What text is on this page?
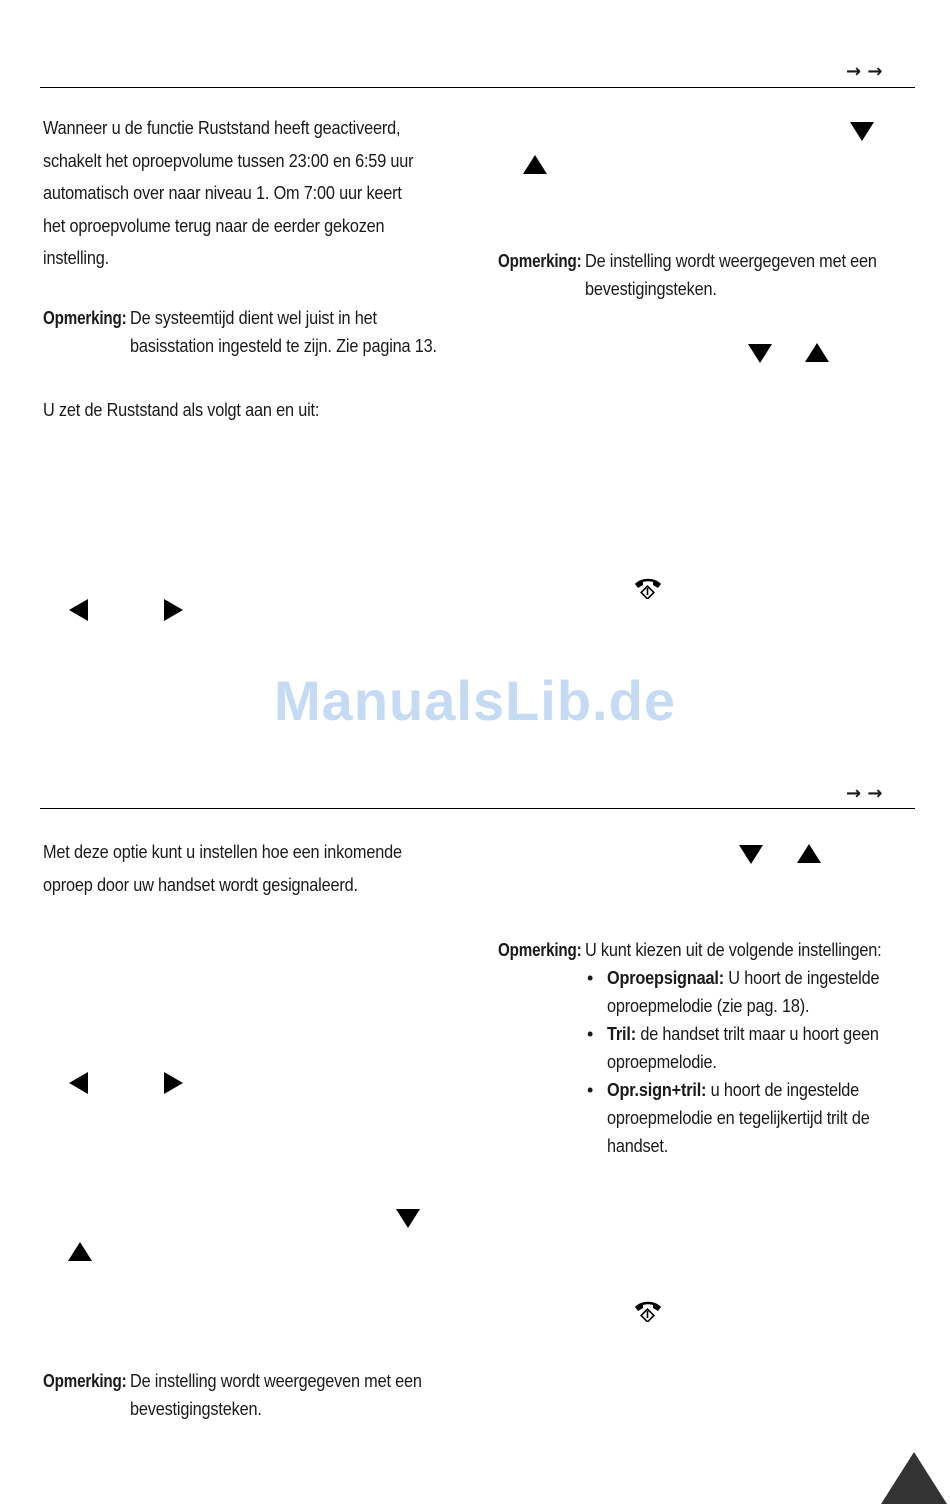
→ →
Wanneer u de functie Ruststand heeft geactiveerd,
schakelt het oproepvolume tussen 23:00 en 6:59 uur
automatisch over naar niveau 1. Om 7:00 uur keert
het oproepvolume terug naar de eerder gekozen
instelling.
Opmerking: De systeemtijd dient wel juist in het
basisstation ingesteld te zijn. Zie pagina 13.
U zet de Ruststand als volgt aan en uit:
Opmerking: De instelling wordt weergegeven met een
bevestigingsteken.
ManualsLib.de
→ →
Met deze optie kunt u instellen hoe een inkomende
oproep door uw handset wordt gesignaleerd.
Opmerking: De instelling wordt weergegeven met een
bevestigingsteken.
Opmerking: U kunt kiezen uit de volgende instellingen:
• Oproepsignaal: U hoort de ingestelde
oproepmelodie (zie pag. 18).
• Tril: de handset trilt maar u hoort geen
oproepmelodie.
• Opr.sign+tril: u hoort de ingestelde
oproepmelodie en tegelijkertijd trilt de
handset.
